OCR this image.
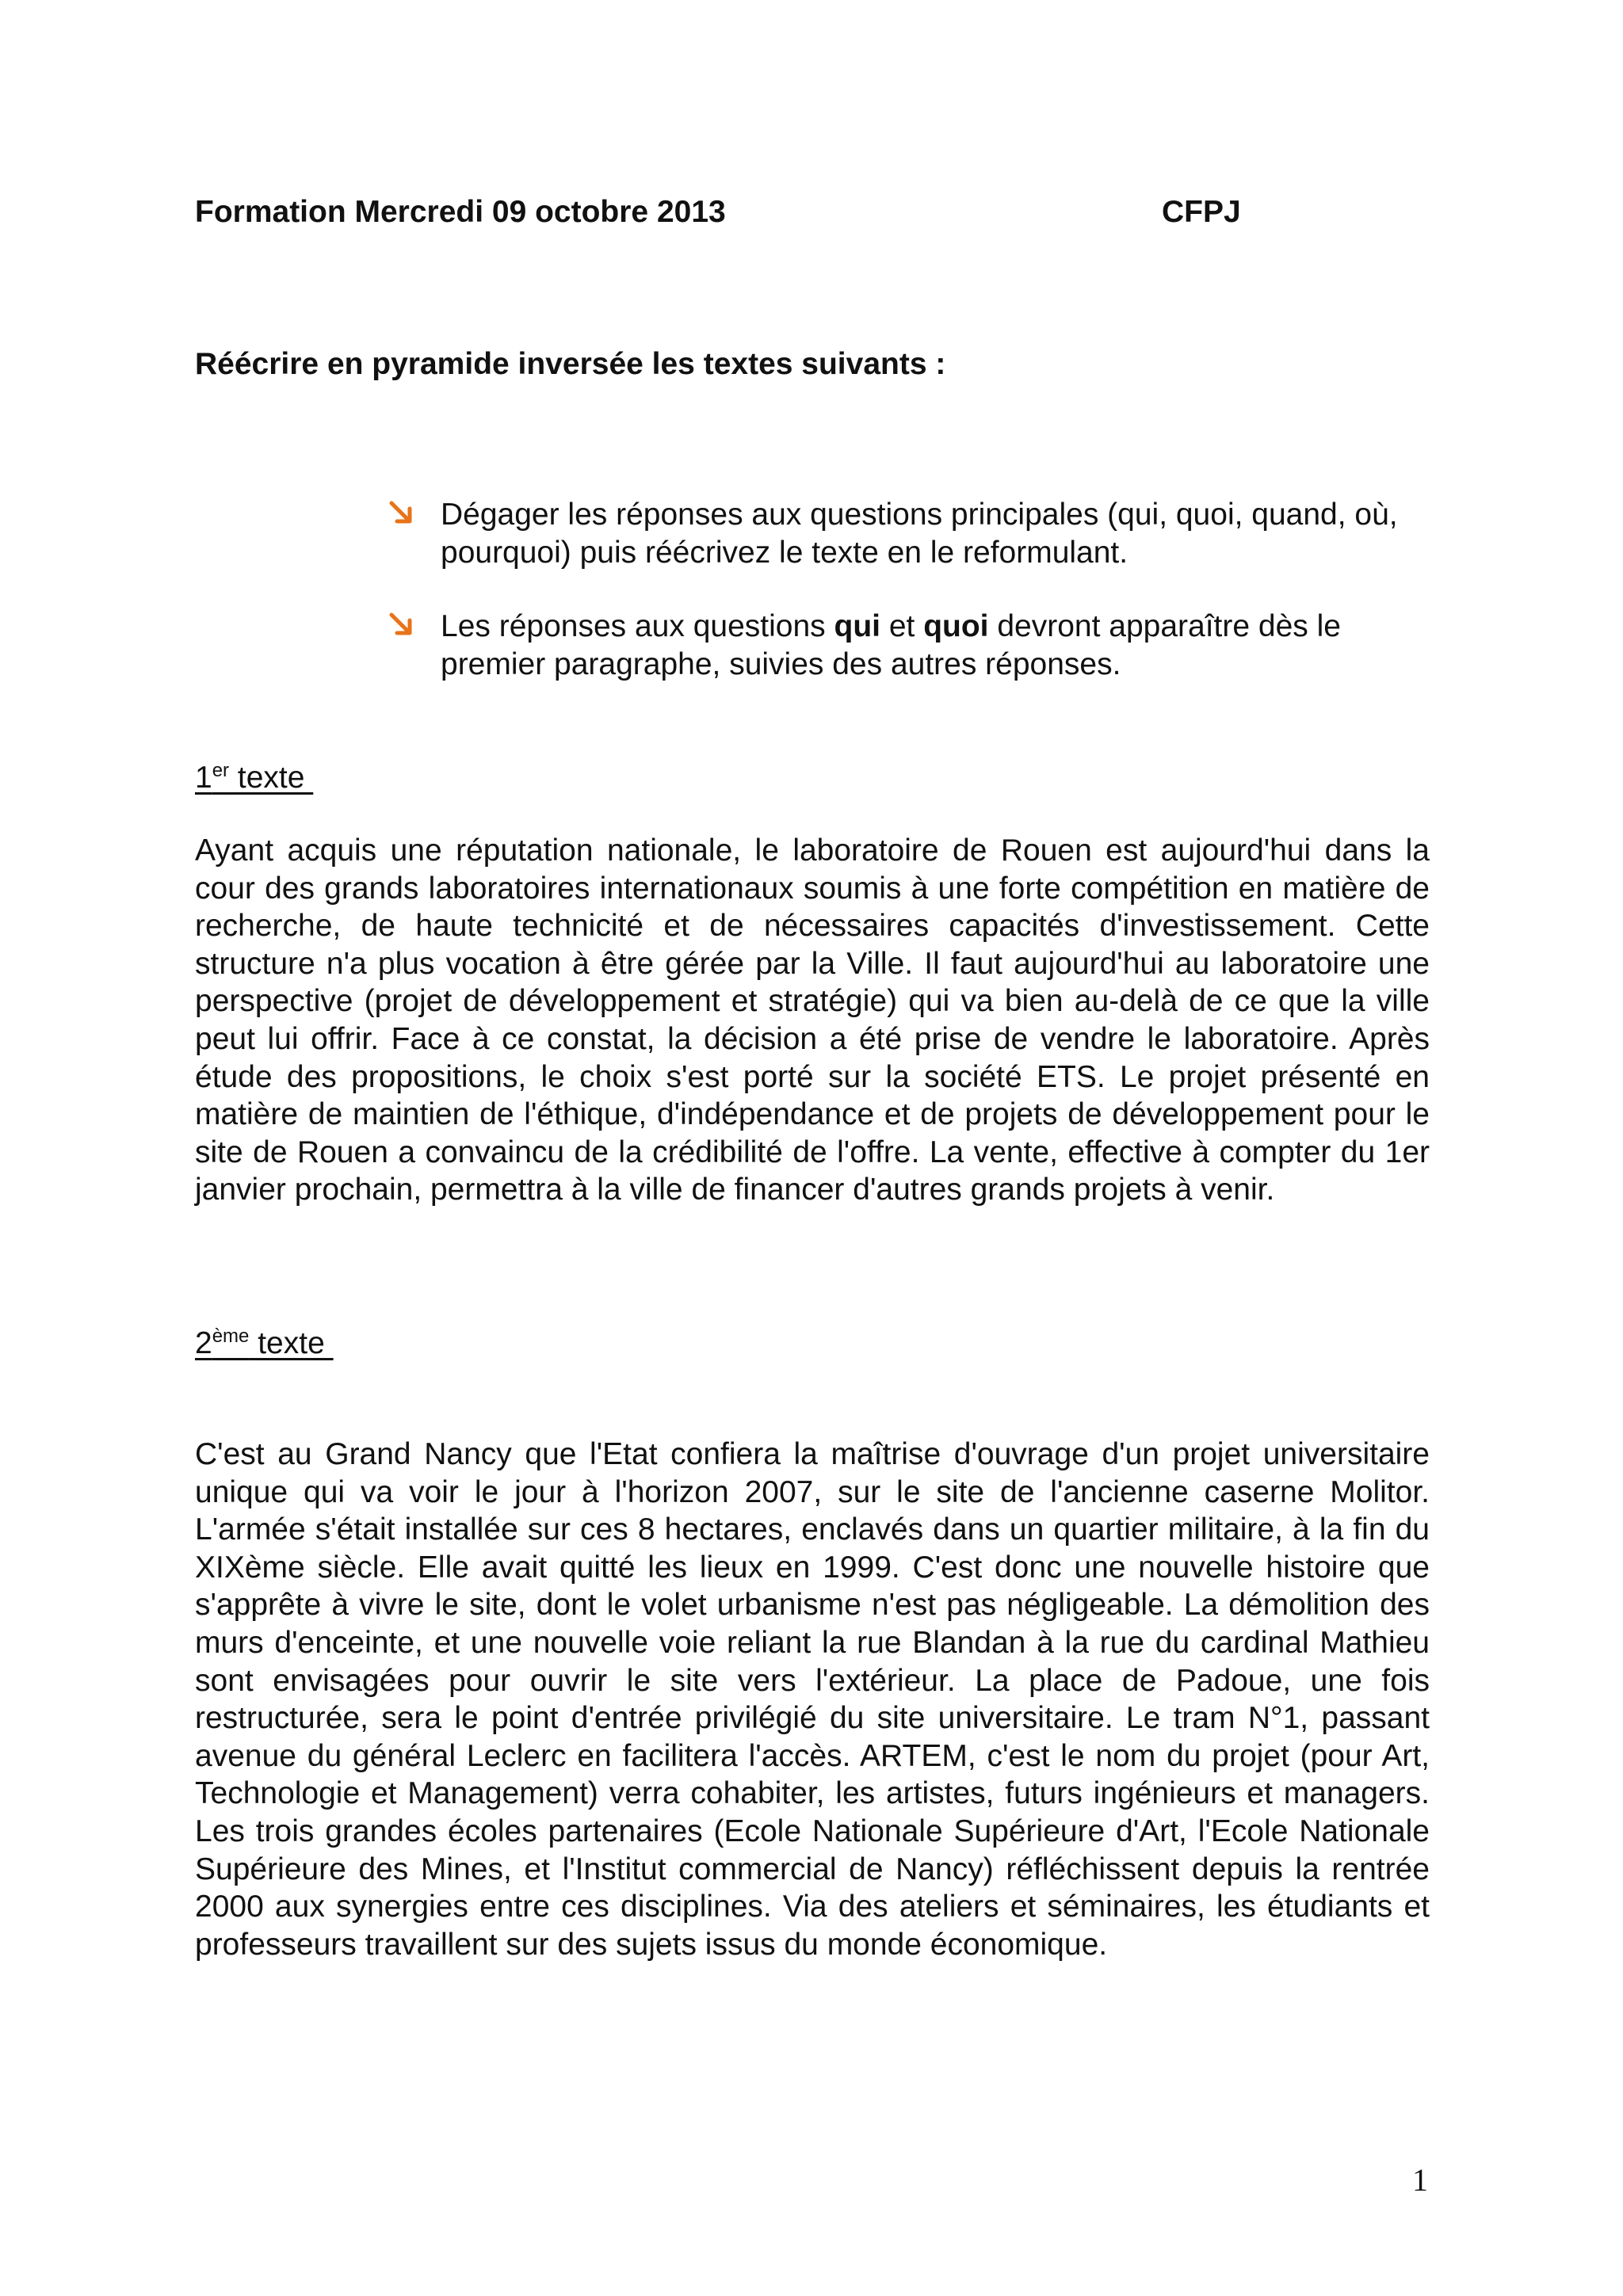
Formation Mercredi 09 octobre 2013	CFPJ
Réécrire en pyramide inversée les textes suivants :
Dégager les réponses aux questions principales (qui, quoi, quand, où, pourquoi) puis réécrivez le texte en le reformulant.
Les réponses aux questions qui et quoi devront apparaître dès le premier paragraphe, suivies des autres réponses.
1er texte

Ayant acquis une réputation nationale, le laboratoire de Rouen est aujourd'hui dans la cour des grands laboratoires internationaux soumis à une forte compétition en matière de recherche, de haute technicité et de nécessaires capacités d'investissement. Cette structure n'a plus vocation à être gérée par la Ville. Il faut aujourd'hui au laboratoire une perspective (projet de développement et stratégie) qui va bien au-delà de ce que la ville peut lui offrir. Face à ce constat, la décision a été prise de vendre le laboratoire. Après étude des propositions, le choix s'est porté sur la société ETS. Le projet présenté en matière de maintien de l'éthique, d'indépendance et de projets de développement pour le site de Rouen a convaincu de la crédibilité de l'offre. La vente, effective à compter du 1er janvier prochain, permettra à la ville de financer d'autres grands projets à venir.

2ème texte

C'est au Grand Nancy que l'Etat confiera la maîtrise d'ouvrage d'un projet universitaire unique qui va voir le jour à l'horizon 2007, sur le site de l'ancienne caserne Molitor. L'armée s'était installée sur ces 8 hectares, enclavés dans un quartier militaire, à la fin du XIXème siècle. Elle avait quitté les lieux en 1999. C'est donc une nouvelle histoire que s'apprête à vivre le site, dont le volet urbanisme n'est pas négligeable. La démolition des murs d'enceinte, et une nouvelle voie reliant la rue Blandan à la rue du cardinal Mathieu sont envisagées pour ouvrir le site vers l'extérieur. La place de Padoue, une fois restructurée, sera le point d'entrée privilégié du site universitaire. Le tram N°1, passant avenue du général Leclerc en facilitera l'accès. ARTEM, c'est le nom du projet (pour Art, Technologie et Management) verra cohabiter, les artistes, futurs ingénieurs et managers. Les trois grandes écoles partenaires (Ecole Nationale Supérieure d'Art, l'Ecole Nationale Supérieure des Mines, et l'Institut commercial de Nancy) réfléchissent depuis la rentrée 2000 aux synergies entre ces disciplines. Via des ateliers et séminaires, les étudiants et professeurs travaillent sur des sujets issus du monde économique.

1
